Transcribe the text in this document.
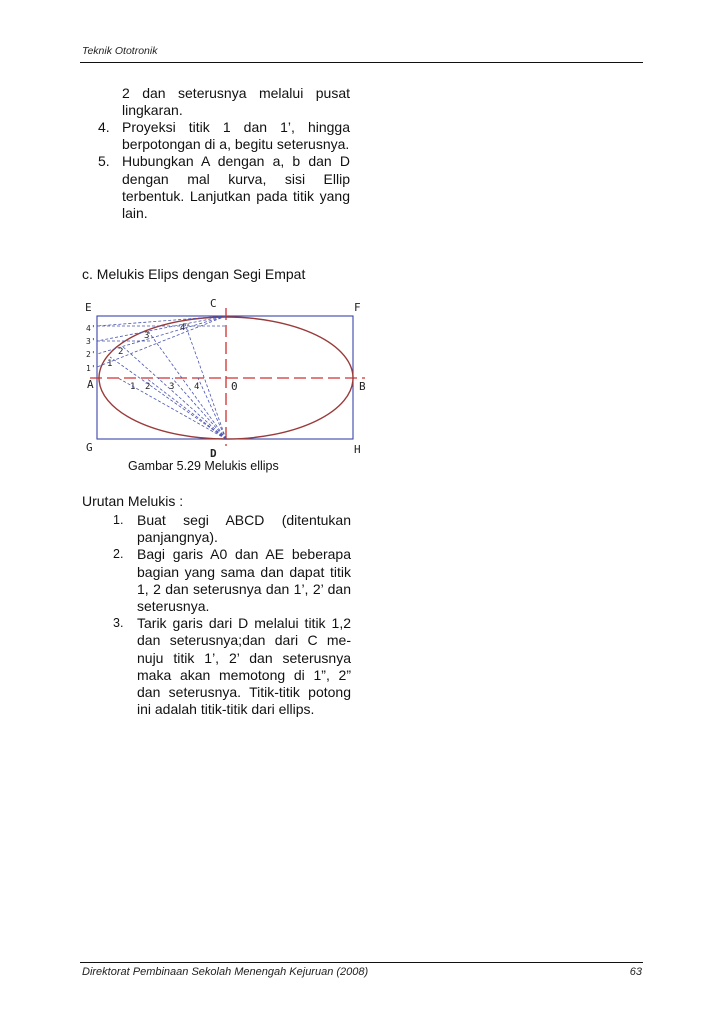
Teknik Ototronik
2 dan seterusnya melalui pusat lingkaran.
4. Proyeksi titik 1 dan 1’, hingga berpotongan di a, begitu seterusnya.
5. Hubungkan A dengan a, b dan D dengan mal kurva, sisi Ellip terbentuk. Lanjutkan pada titik yang lain.
c. Melukis Elips dengan Segi Empat
E	C	F
A	0	B
G	D	H
1 2 3 4
4'
3'
2'
1' 1
2
3
4'
Gambar 5.29 Melukis ellips
Urutan Melukis :
1. Buat segi ABCD (ditentukan panjangnya).
2. Bagi garis A0 dan AE beberapa bagian yang sama dan dapat titik 1, 2 dan seterusnya dan 1’, 2’ dan seterusnya.
3. Tarik garis dari D melalui titik 1,2 dan seterusnya;dan dari C me-nuju titik 1’, 2’ dan seterusnya maka akan memotong di 1”, 2” dan seterusnya. Titik-titik potong ini adalah titik-titik dari ellips.
Direktorat Pembinaan Sekolah Menengah Kejuruan (2008)	63
